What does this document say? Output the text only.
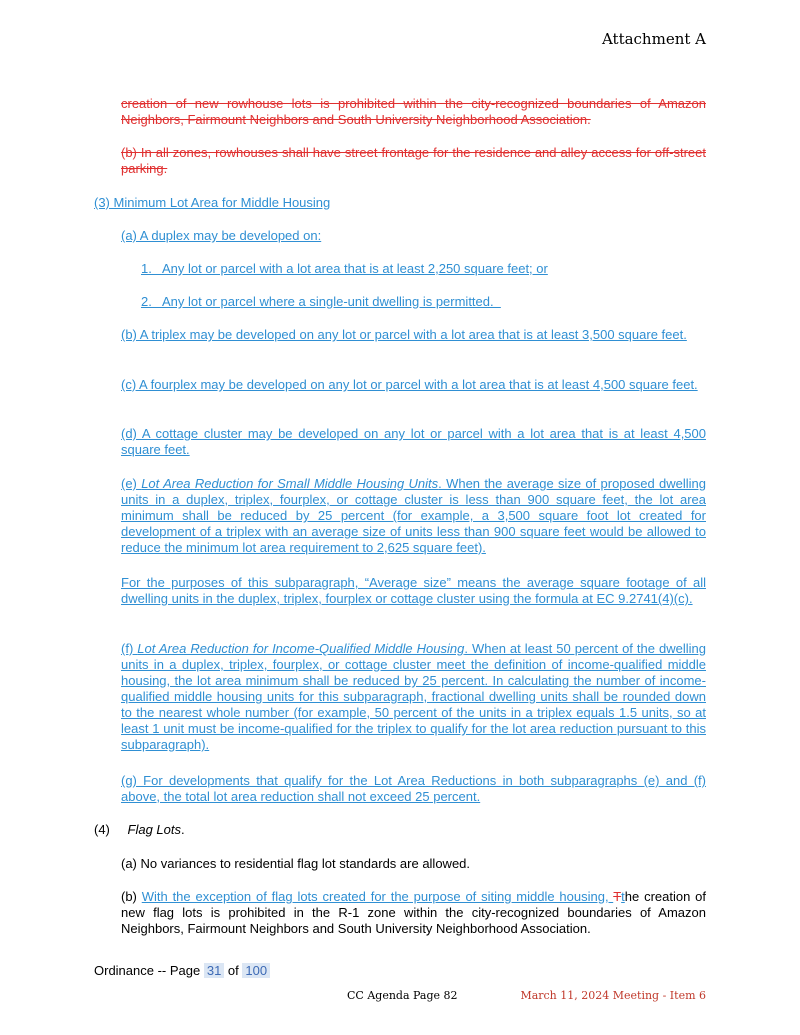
Attachment A
creation of new rowhouse lots is prohibited within the city-recognized boundaries of Amazon Neighbors, Fairmount Neighbors and South University Neighborhood Association.
(b) In all zones, rowhouses shall have street frontage for the residence and alley access for off-street parking.
(3) Minimum Lot Area for Middle Housing
(a) A duplex may be developed on:
1.   Any lot or parcel with a lot area that is at least 2,250 square feet; or
2.   Any lot or parcel where a single-unit dwelling is permitted.
(b) A triplex may be developed on any lot or parcel with a lot area that is at least 3,500 square feet.
(c) A fourplex may be developed on any lot or parcel with a lot area that is at least 4,500 square feet.
(d) A cottage cluster may be developed on any lot or parcel with a lot area that is at least 4,500 square feet.
(e) Lot Area Reduction for Small Middle Housing Units. When the average size of proposed dwelling units in a duplex, triplex, fourplex, or cottage cluster is less than 900 square feet, the lot area minimum shall be reduced by 25 percent (for example, a 3,500 square foot lot created for development of a triplex with an average size of units less than 900 square feet would be allowed to reduce the minimum lot area requirement to 2,625 square feet).
For the purposes of this subparagraph, “Average size” means the average square footage of all dwelling units in the duplex, triplex, fourplex or cottage cluster using the formula at EC 9.2741(4)(c).
(f) Lot Area Reduction for Income-Qualified Middle Housing. When at least 50 percent of the dwelling units in a duplex, triplex, fourplex, or cottage cluster meet the definition of income-qualified middle housing, the lot area minimum shall be reduced by 25 percent. In calculating the number of income-qualified middle housing units for this subparagraph, fractional dwelling units shall be rounded down to the nearest whole number (for example, 50 percent of the units in a triplex equals 1.5 units, so at least 1 unit must be income-qualified for the triplex to qualify for the lot area reduction pursuant to this subparagraph).
(g) For developments that qualify for the Lot Area Reductions in both subparagraphs (e) and (f) above, the total lot area reduction shall not exceed 25 percent.
(4) Flag Lots.
(a) No variances to residential flag lot standards are allowed.
(b) With the exception of flag lots created for the purpose of siting middle housing, Tthe creation of new flag lots is prohibited in the R-1 zone within the city-recognized boundaries of Amazon Neighbors, Fairmount Neighbors and South University Neighborhood Association.
Ordinance -- Page 31 of 100
CC Agenda Page 82	March 11, 2024 Meeting - Item 6
